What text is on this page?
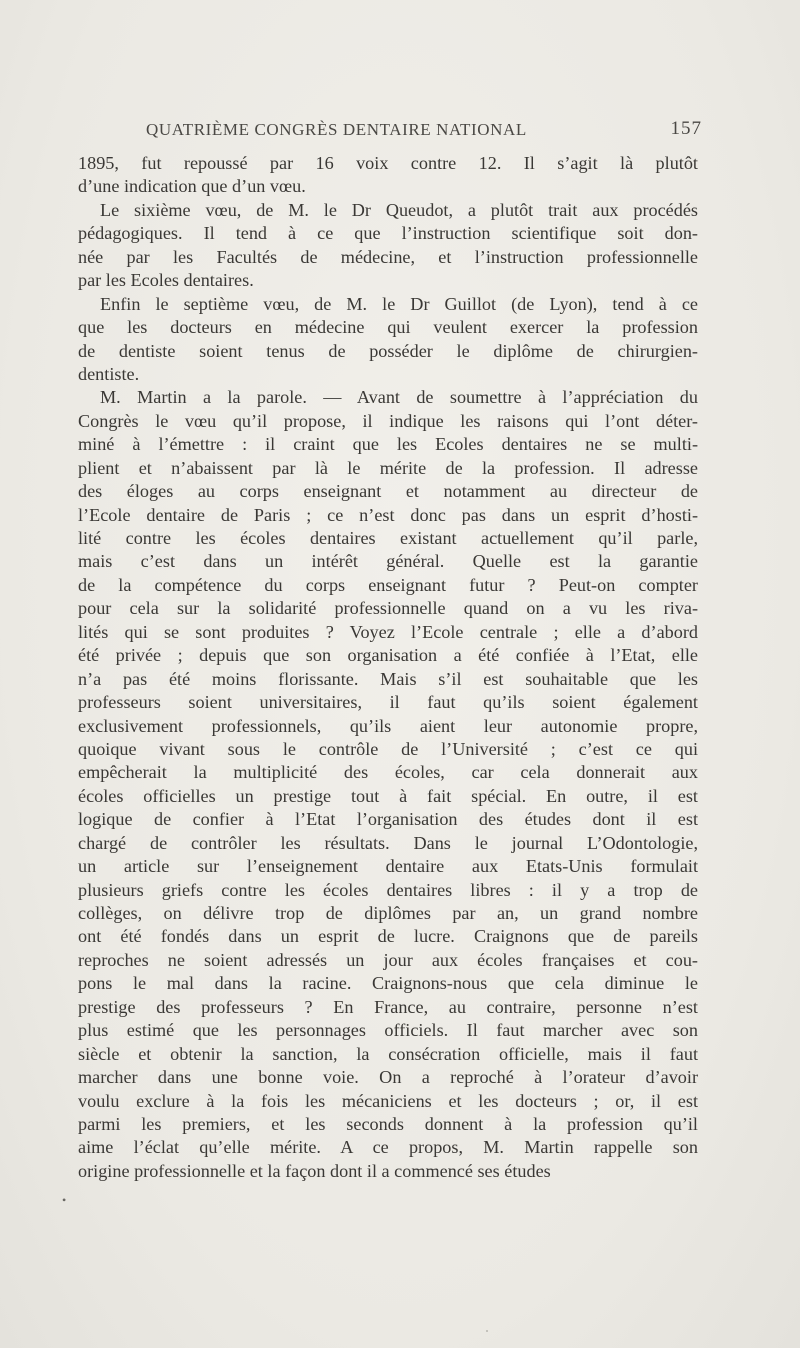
QUATRIÈME CONGRÈS DENTAIRE NATIONAL	157
1895, fut repoussé par 16 voix contre 12. Il s’agit là plutôt
d’une indication que d’un vœu.
Le sixième vœu, de M. le Dr Queudot, a plutôt trait aux procédés
pédagogiques. Il tend à ce que l’instruction scientifique soit don-
née par les Facultés de médecine, et l’instruction professionnelle
par les Ecoles dentaires.
Enfin le septième vœu, de M. le Dr Guillot (de Lyon), tend à ce
que les docteurs en médecine qui veulent exercer la profession
de dentiste soient tenus de posséder le diplôme de chirurgien-
dentiste.
M. Martin a la parole. — Avant de soumettre à l’appréciation du
Congrès le vœu qu’il propose, il indique les raisons qui l’ont déter-
miné à l’émettre : il craint que les Ecoles dentaires ne se multi-
plient et n’abaissent par là le mérite de la profession. Il adresse
des éloges au corps enseignant et notamment au directeur de
l’Ecole dentaire de Paris ; ce n’est donc pas dans un esprit d’hosti-
lité contre les écoles dentaires existant actuellement qu’il parle,
mais c’est dans un intérêt général. Quelle est la garantie
de la compétence du corps enseignant futur ? Peut-on compter
pour cela sur la solidarité professionnelle quand on a vu les riva-
lités qui se sont produites ? Voyez l’Ecole centrale ; elle a d’abord
été privée ; depuis que son organisation a été confiée à l’Etat, elle
n’a pas été moins florissante. Mais s’il est souhaitable que les
professeurs soient universitaires, il faut qu’ils soient également
exclusivement professionnels, qu’ils aient leur autonomie propre,
quoique vivant sous le contrôle de l’Université ; c’est ce qui
empêcherait la multiplicité des écoles, car cela donnerait aux
écoles officielles un prestige tout à fait spécial. En outre, il est
logique de confier à l’Etat l’organisation des études dont il est
chargé de contrôler les résultats. Dans le journal L’Odontologie,
un article sur l’enseignement dentaire aux Etats-Unis formulait
plusieurs griefs contre les écoles dentaires libres : il y a trop de
collèges, on délivre trop de diplômes par an, un grand nombre
ont été fondés dans un esprit de lucre. Craignons que de pareils
reproches ne soient adressés un jour aux écoles françaises et cou-
pons le mal dans la racine. Craignons-nous que cela diminue le
prestige des professeurs ? En France, au contraire, personne n’est
plus estimé que les personnages officiels. Il faut marcher avec son
siècle et obtenir la sanction, la consécration officielle, mais il faut
marcher dans une bonne voie. On a reproché à l’orateur d’avoir
voulu exclure à la fois les mécaniciens et les docteurs ; or, il est
parmi les premiers, et les seconds donnent à la profession qu’il
aime l’éclat qu’elle mérite. A ce propos, M. Martin rappelle son
origine professionnelle et la façon dont il a commencé ses études
•
